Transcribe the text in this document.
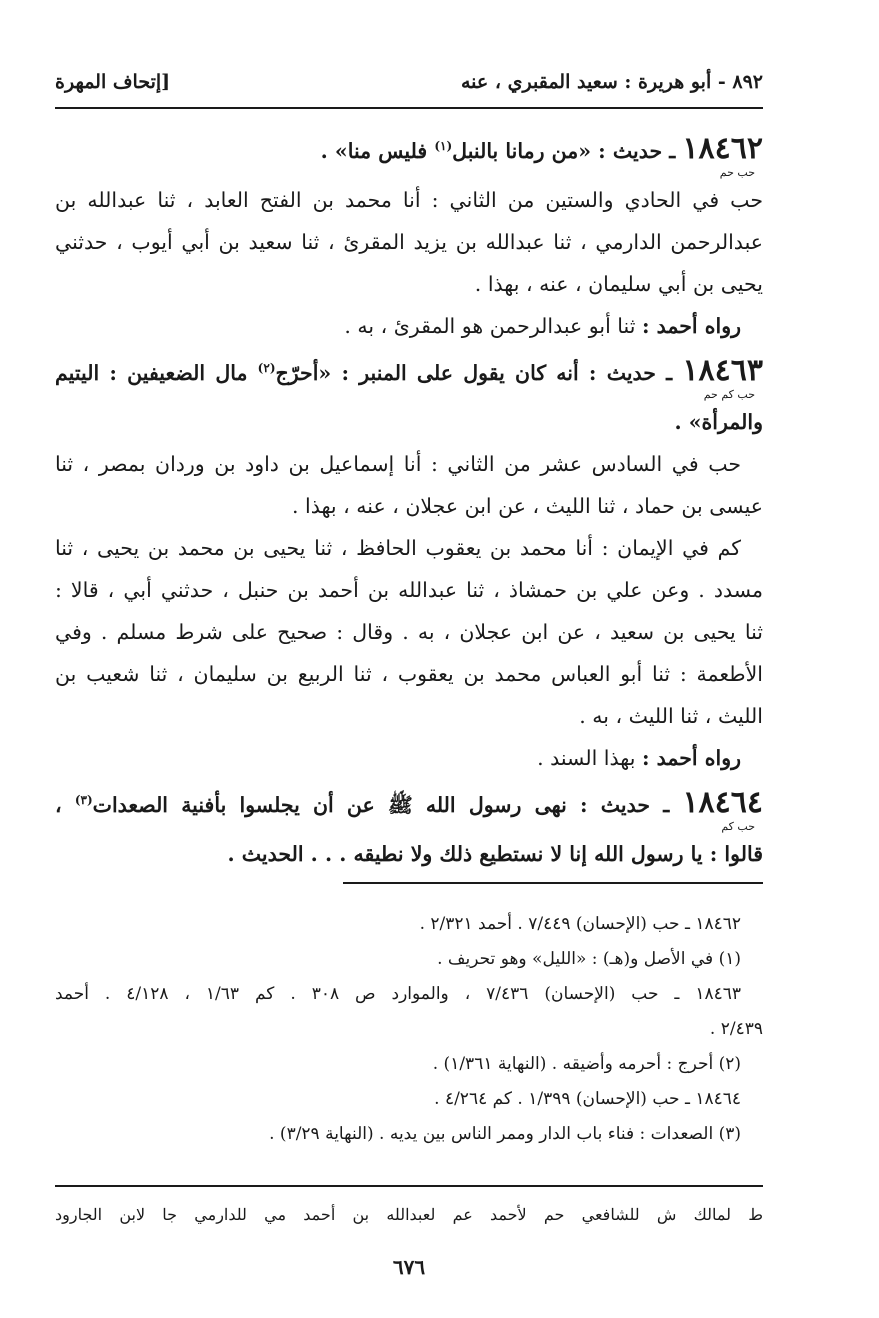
٨٩٢ - أبو هريرة : سعيد المقبري ، عنه
[إتحاف المهرة
١٨٤٦٢ ـ حديث : «من رمانا بالنبل$^{(١)}$ فليس منا» .
حب حم
حب في الحادي والستين من الثاني : أنا محمد بن الفتح العابد ، ثنا عبدالله بن
عبدالرحمن الدارمي ، ثنا عبدالله بن يزيد المقرئ ، ثنا سعيد بن أبي أيوب ، حدثني
يحيى بن أبي سليمان ، عنه ، بهذا .
رواه أحمد : ثنا أبو عبدالرحمن هو المقرئ ، به .
١٨٤٦٣ ـ حديث : أنه كان يقول على المنبر : «أحرّج$^{(٢)}$ مال الضعيفين : اليتيم
حب كم حم
والمرأة» .
حب في السادس عشر من الثاني : أنا إسماعيل بن داود بن وردان بمصر ، ثنا
عيسى بن حماد ، ثنا الليث ، عن ابن عجلان ، عنه ، بهذا .
كم في الإيمان : أنا محمد بن يعقوب الحافظ ، ثنا يحيى بن محمد بن يحيى ، ثنا
مسدد . وعن علي بن حمشاذ ، ثنا عبدالله بن أحمد بن حنبل ، حدثني أبي ، قالا :
ثنا يحيى بن سعيد ، عن ابن عجلان ، به . وقال : صحيح على شرط مسلم . وفي
الأطعمة : ثنا أبو العباس محمد بن يعقوب ، ثنا الربيع بن سليمان ، ثنا شعيب بن
الليث ، ثنا الليث ، به .
رواه أحمد : بهذا السند .
١٨٤٦٤ ـ حديث : نهى رسول الله ﷺ عن أن يجلسوا بأفنية الصعدات$^{(٣)}$ ،
حب كم
قالوا : يا رسول الله إنا لا نستطيع ذلك ولا نطيقه . . . الحديث .
١٨٤٦٢ ـ حب (الإحسان) ٧/٤٤٩ . أحمد ٢/٣٢١ .
(١) في الأصل و(هـ) : «الليل» وهو تحريف .
١٨٤٦٣ ـ حب (الإحسان) ٧/٤٣٦ ، والموارد ص ٣٠٨ . كم ١/٦٣ ، ٤/١٢٨ . أحمد
٢/٤٣٩ .
(٢) أحرج : أحرمه وأضيقه . (النهاية ١/٣٦١) .
١٨٤٦٤ ـ حب (الإحسان) ١/٣٩٩ . كم ٤/٢٦٤ .
(٣) الصعدات : فناء باب الدار وممر الناس بين يديه . (النهاية ٣/٢٩) .
ط لمالك ش للشافعي حم لأحمد عم لعبدالله بن أحمد مي للدارمي جا لابن الجارود
٦٧٦
